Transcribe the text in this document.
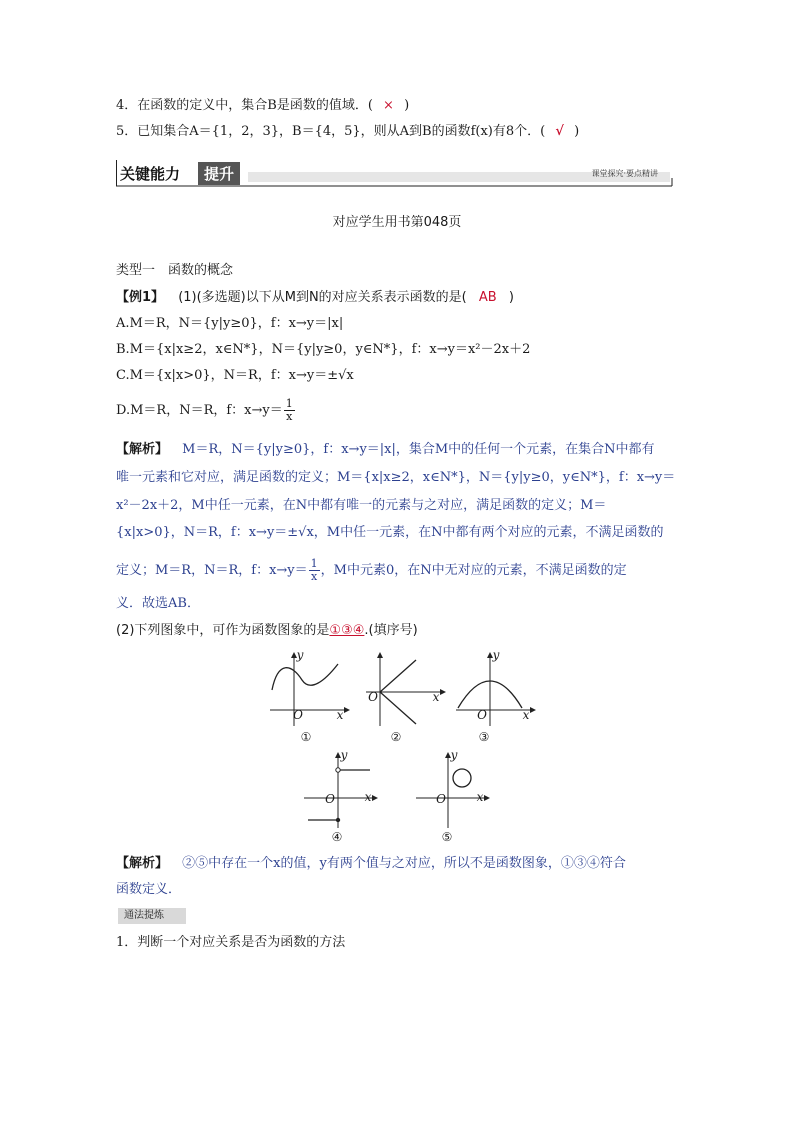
4．在函数的定义中，集合B是函数的值域．( × )
5．已知集合A＝{1，2，3}，B＝{4，5}，则从A到B的函数f(x)有8个．( √ )
关键能力	提升	课堂探究·要点精讲
对应学生用书第048页
类型一　函数的概念
【例1】 (1)(多选题)以下从M到N的对应关系表示函数的是( AB )
A.M＝R，N＝{y|y≥0}，f：x→y＝|x|
B.M＝{x|x≥2，x∈N*}，N＝{y|y≥0，y∈N*}，f：x→y＝x²－2x＋2
C.M＝{x|x>0}，N＝R，f：x→y＝±√x
D.M＝R，N＝R，f：$x\to y= \frac{1}{x}$
【解析】 M＝R，N＝{y|y≥0}，f：x→y＝|x|，集合M中的任何一个元素，在集合N中都有
唯一元素和它对应，满足函数的定义；M＝{x|x≥2，x∈N*}，N＝{y|y≥0，y∈N*}，f：x→y＝
x²－2x＋2，M中任一元素，在N中都有唯一的元素与之对应，满足函数的定义；M＝
{x|x>0}，N＝R，f：x→y＝±√x，M中任一元素，在N中都有两个对应的元素，不满足函数的
定义；M＝R，N＝R，f：$x\to y= \frac{1}{x}$ ，M中元素0，在N中无对应的元素，不满足函数的定
义．故选AB．
(2)下列图象中，可作为函数图象的是①③④.(填序号)
O	x
y
①
O	x
②
O	x
y
③
O	x
y
④
O	x
y
⑤
【解析】 ②⑤中存在一个x的值，y有两个值与之对应，所以不是函数图象，①③④符合
函数定义．
通法提炼
1．判断一个对应关系是否为函数的方法
